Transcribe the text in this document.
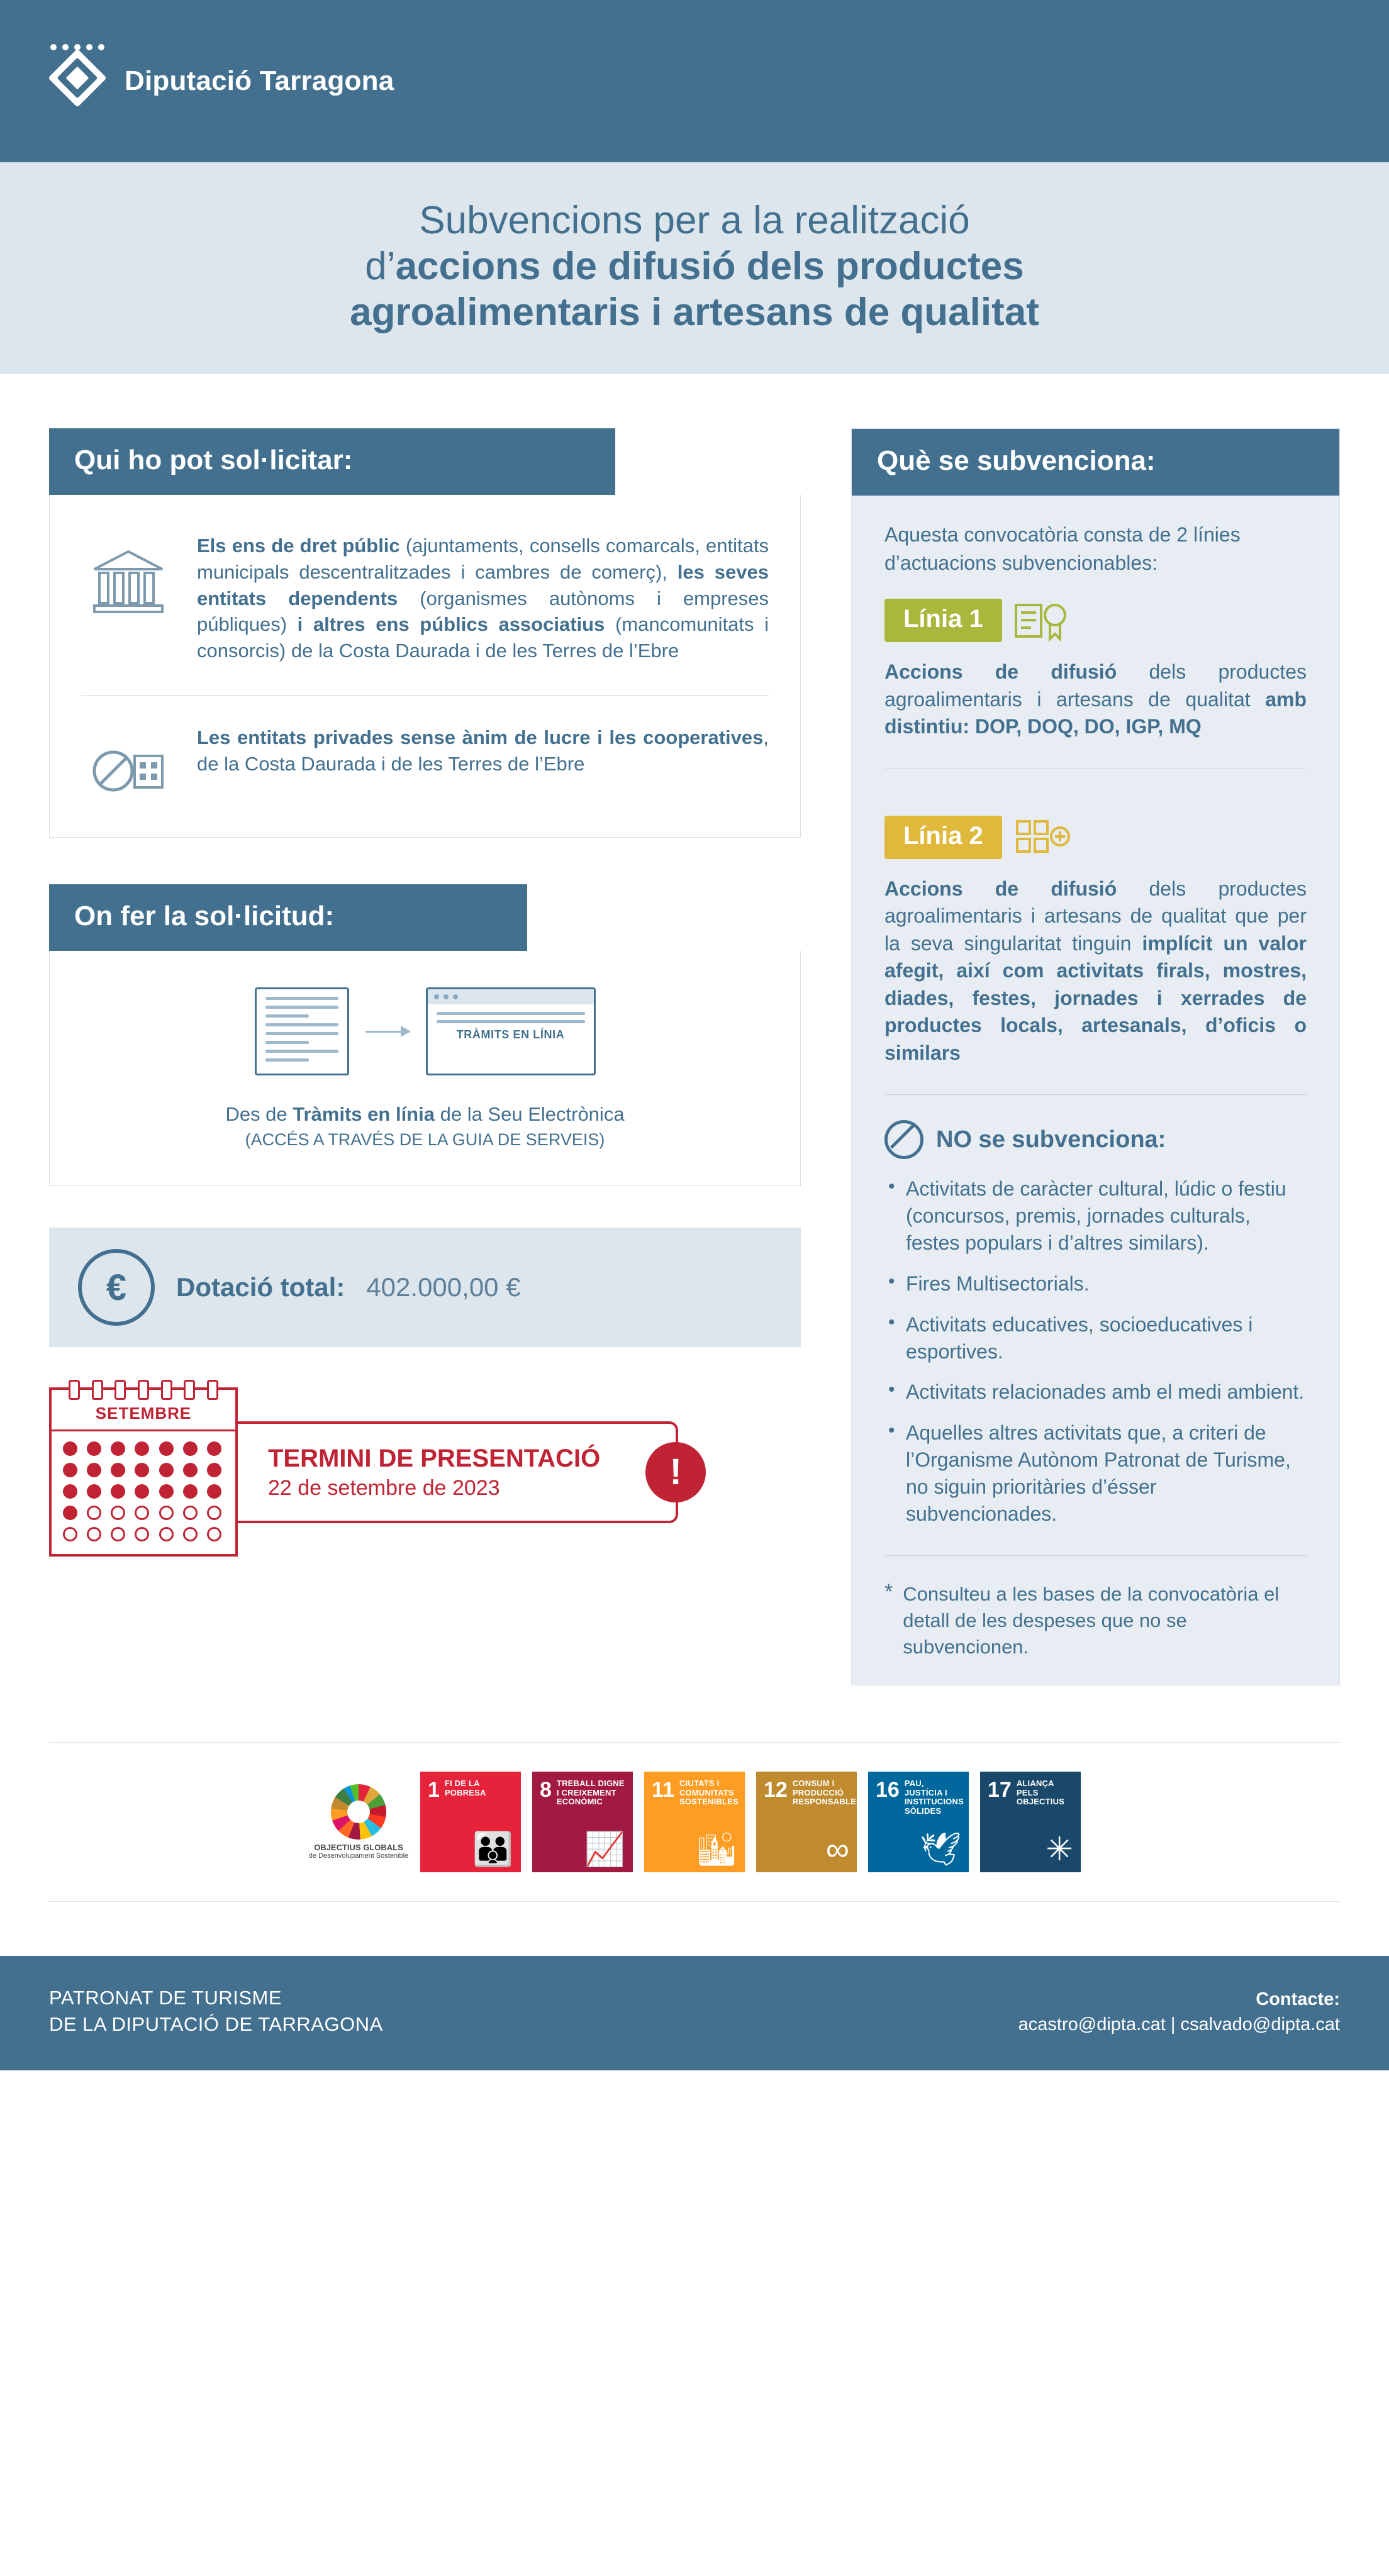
Diputació Tarragona
Subvencions per a la realització
d’accions de difusió dels productes
agroalimentaris i artesans de qualitat
Qui ho pot sol·licitar:
Els ens de dret públic (ajuntaments, consells comarcals, entitats municipals descentralitzades i cambres de comerç), les seves entitats dependents (organismes autònoms i empreses públiques) i altres ens públics associatius (mancomunitats i consorcis) de la Costa Daurada i de les Terres de l’Ebre
Les entitats privades sense ànim de lucre i les cooperatives, de la Costa Daurada i de les Terres de l’Ebre
On fer la sol·licitud:
TRÀMITS EN LÍNIA
Des de Tràmits en línia de la Seu Electrònica
(ACCÉS A TRAVÉS DE LA GUIA DE SERVEIS)
€	Dotació total: 402.000,00 €
SETEMBRE
TERMINI DE PRESENTACIÓ
22 de setembre de 2023	!
Què se subvenciona:
Aquesta convocatòria consta de 2 línies d’actuacions subvencionables:
Línia 1
Accions de difusió dels productes agroalimentaris i artesans de qualitat amb distintiu: DOP, DOQ, DO, IGP, MQ
Línia 2
Accions de difusió dels productes agroalimentaris i artesans de qualitat que per la seva singularitat tinguin implícit un valor afegit, així com activitats firals, mostres, diades, festes, jornades i xerrades de productes locals, artesanals, d’oficis o similars
NO se subvenciona:
• Activitats de caràcter cultural, lúdic o festiu (concursos, premis, jornades culturals, festes populars i d’altres similars).
• Fires Multisectorials.
• Activitats educatives, socioeducatives i esportives.
• Activitats relacionades amb el medi ambient.
• Aquelles altres activitats que, a criteri de l’Organisme Autònom Patronat de Turisme, no siguin prioritàries d’ésser subvencionades.
* Consulteu a les bases de la convocatòria el detall de les despeses que no se subvencionen.
OBJECTIUS GLOBALS
de Desenvolupament Sostenible
1 FI DE LA POBRESA
👪
8 TREBALL DIGNE I CREIXEMENT ECONÒMIC
📈
11 CIUTATS I COMUNITATS SOSTENIBLES
🏙
12 CONSUM I PRODUCCIÓ RESPONSABLES
∞
16 PAU, JUSTÍCIA I INSTITUCIONS SÒLIDES
🕊
17 ALIANÇA PELS OBJECTIUS
✳
PATRONAT DE TURISME
DE LA DIPUTACIÓ DE TARRAGONA
Contacte:
acastro@dipta.cat | csalvado@dipta.cat
